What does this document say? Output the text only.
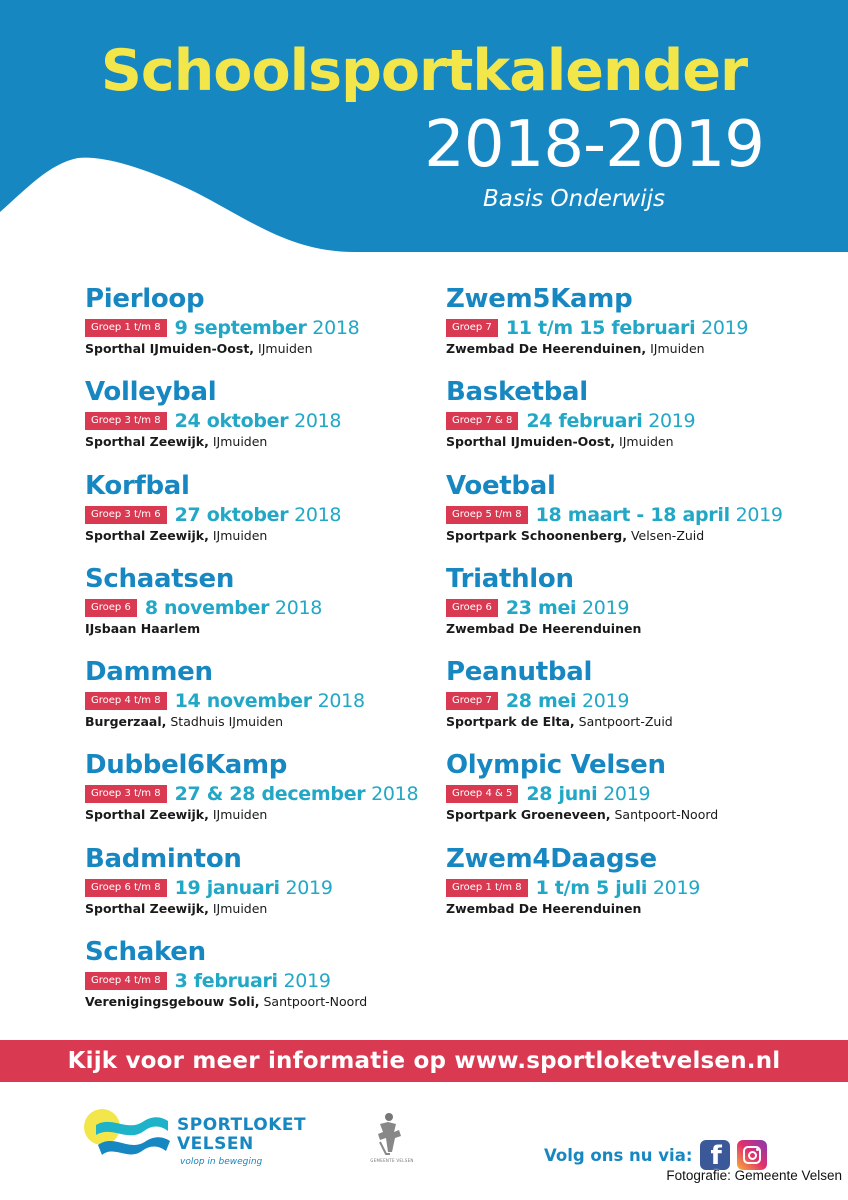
Schoolsportkalender
2018-2019
Basis Onderwijs
Pierloop
Groep 1 t/m 8 9 september 2018
Sporthal IJmuiden-Oost, IJmuiden
Volleybal
Groep 3 t/m 8 24 oktober 2018
Sporthal Zeewijk, IJmuiden
Korfbal
Groep 3 t/m 6 27 oktober 2018
Sporthal Zeewijk, IJmuiden
Schaatsen
Groep 6 8 november 2018
IJsbaan Haarlem
Dammen
Groep 4 t/m 8 14 november 2018
Burgerzaal, Stadhuis IJmuiden
Dubbel6Kamp
Groep 3 t/m 8 27 & 28 december 2018
Sporthal Zeewijk, IJmuiden
Badminton
Groep 6 t/m 8 19 januari 2019
Sporthal Zeewijk, IJmuiden
Schaken
Groep 4 t/m 8 3 februari 2019
Verenigingsgebouw Soli, Santpoort-Noord
Zwem5Kamp
Groep 7 11 t/m 15 februari 2019
Zwembad De Heerenduinen, IJmuiden
Basketbal
Groep 7 & 8 24 februari 2019
Sporthal IJmuiden-Oost, IJmuiden
Voetbal
Groep 5 t/m 8 18 maart - 18 april 2019
Sportpark Schoonenberg, Velsen-Zuid
Triathlon
Groep 6 23 mei 2019
Zwembad De Heerenduinen
Peanutbal
Groep 7 28 mei 2019
Sportpark de Elta, Santpoort-Zuid
Olympic Velsen
Groep 4 & 5 28 juni 2019
Sportpark Groeneveen, Santpoort-Noord
Zwem4Daagse
Groep 1 t/m 8 1 t/m 5 juli 2019
Zwembad De Heerenduinen
Kijk voor meer informatie op www.sportloketvelsen.nl
SPORTLOKET
VELSEN
volop in beweging	GEMEENTE VELSEN	Volg ons nu via: f
Fotografie: Gemeente Velsen
